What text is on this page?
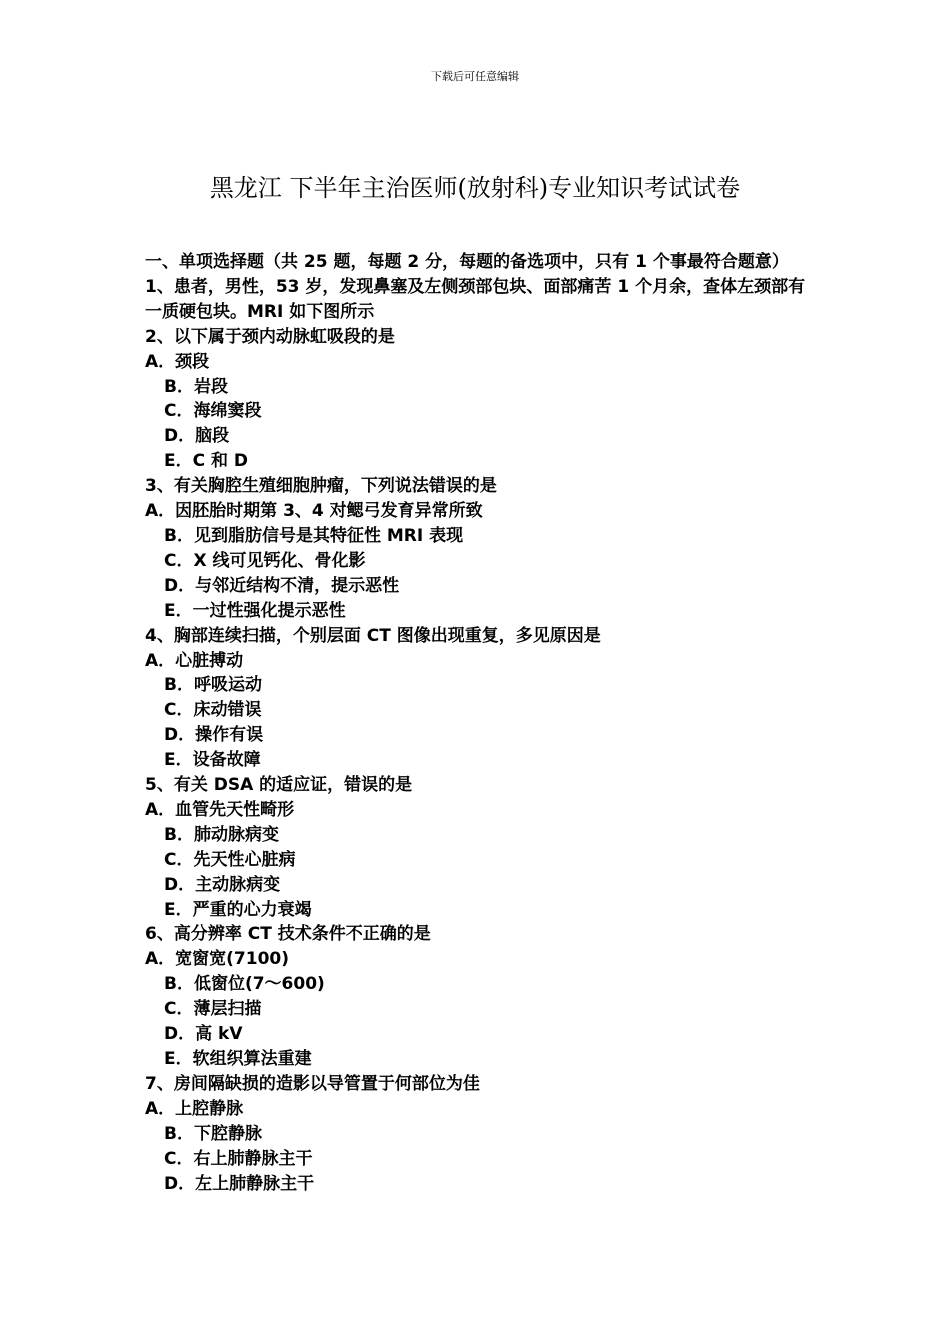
下载后可任意编辑
黑龙江 下半年主治医师(放射科)专业知识考试试卷
一、单项选择题（共 25 题，每题 2 分，每题的备选项中，只有 1 个事最符合题意）
1、患者，男性，53 岁，发现鼻塞及左侧颈部包块、面部痛苦 1 个月余，查体左颈部有一质硬包块。MRI 如下图所示
2、以下属于颈内动脉虹吸段的是
A．颈段
B．岩段
C．海绵窦段
D．脑段
E．C 和 D
3、有关胸腔生殖细胞肿瘤，下列说法错误的是
A．因胚胎时期第 3、4 对鳃弓发育异常所致
B．见到脂肪信号是其特征性 MRI 表现
C．X 线可见钙化、骨化影
D．与邻近结构不清，提示恶性
E．一过性强化提示恶性
4、胸部连续扫描，个别层面 CT 图像出现重复，多见原因是
A．心脏搏动
B．呼吸运动
C．床动错误
D．操作有误
E．设备故障
5、有关 DSA 的适应证，错误的是
A．血管先天性畸形
B．肺动脉病变
C．先天性心脏病
D．主动脉病变
E．严重的心力衰竭
6、高分辨率 CT 技术条件不正确的是
A．宽窗宽(7100)
B．低窗位(7～600)
C．薄层扫描
D．高 kV
E．软组织算法重建
7、房间隔缺损的造影以导管置于何部位为佳
A．上腔静脉
B．下腔静脉
C．右上肺静脉主干
D．左上肺静脉主干
